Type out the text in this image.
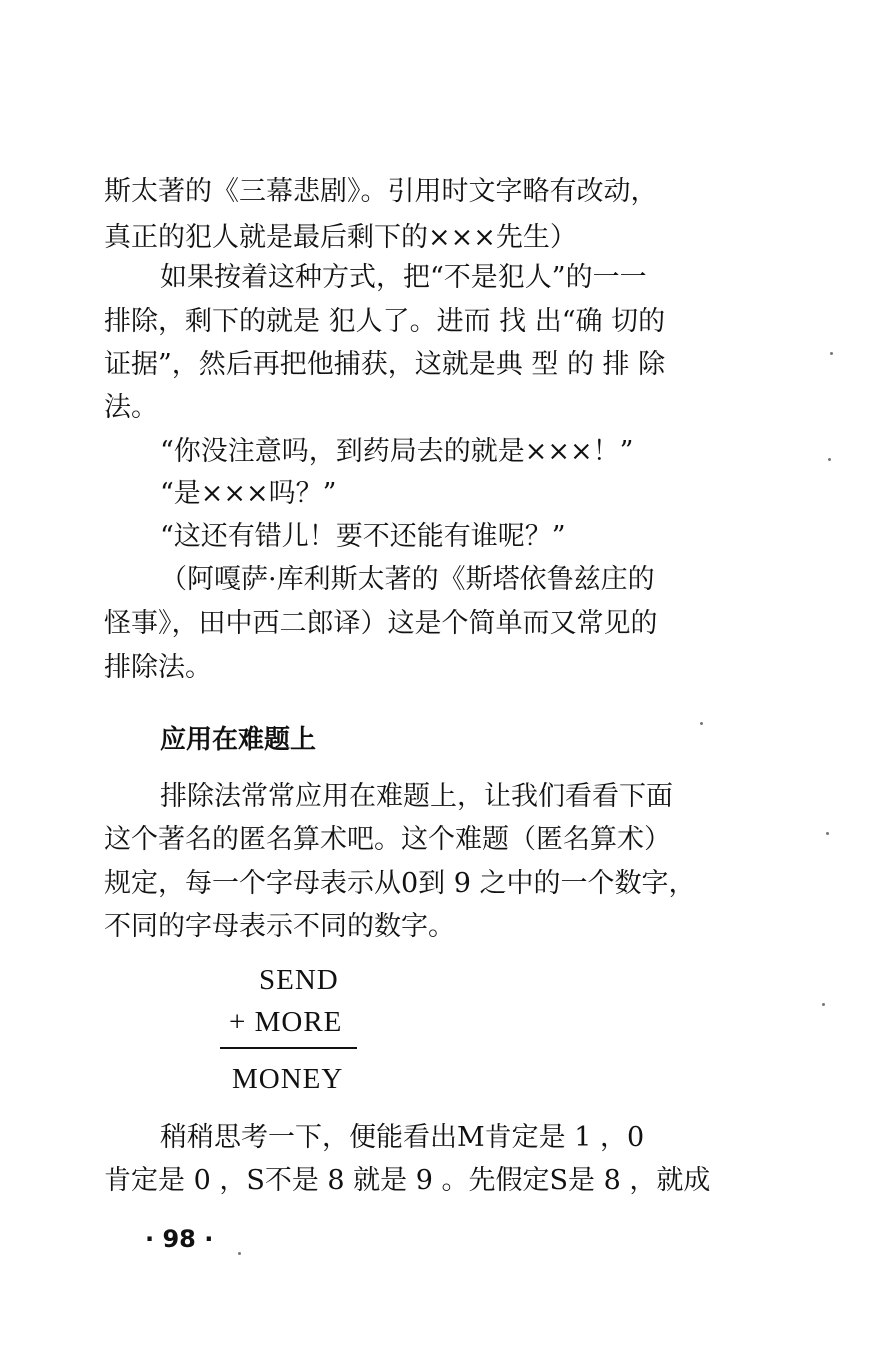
斯太著的《三幕悲剧》。引用时文字略有改动，
真正的犯人就是最后剩下的×××先生）
如果按着这种方式，把“不是犯人”的一一
排除，剩下的就是 犯人了。进而 找 出“确 切的
证据”，然后再把他捕获，这就是典 型 的 排 除
法。
“你没注意吗，到药局去的就是×××！”
“是×××吗？”
“这还有错儿！要不还能有谁呢？”
（阿嘎萨·库利斯太著的《斯塔依鲁兹庄的
怪事》，田中西二郎译）这是个简单而又常见的
排除法。
应用在难题上
排除法常常应用在难题上，让我们看看下面
这个著名的匿名算术吧。这个难题（匿名算术）
规定，每一个字母表示从0到 9 之中的一个数字，
不同的字母表示不同的数字。
SEND
+ MORE
MONEY
稍稍思考一下，便能看出M肯定是 1 ，0
肯定是 0 ，S不是 8 就是 9 。先假定S是 8 ，就成
· 98 ·
